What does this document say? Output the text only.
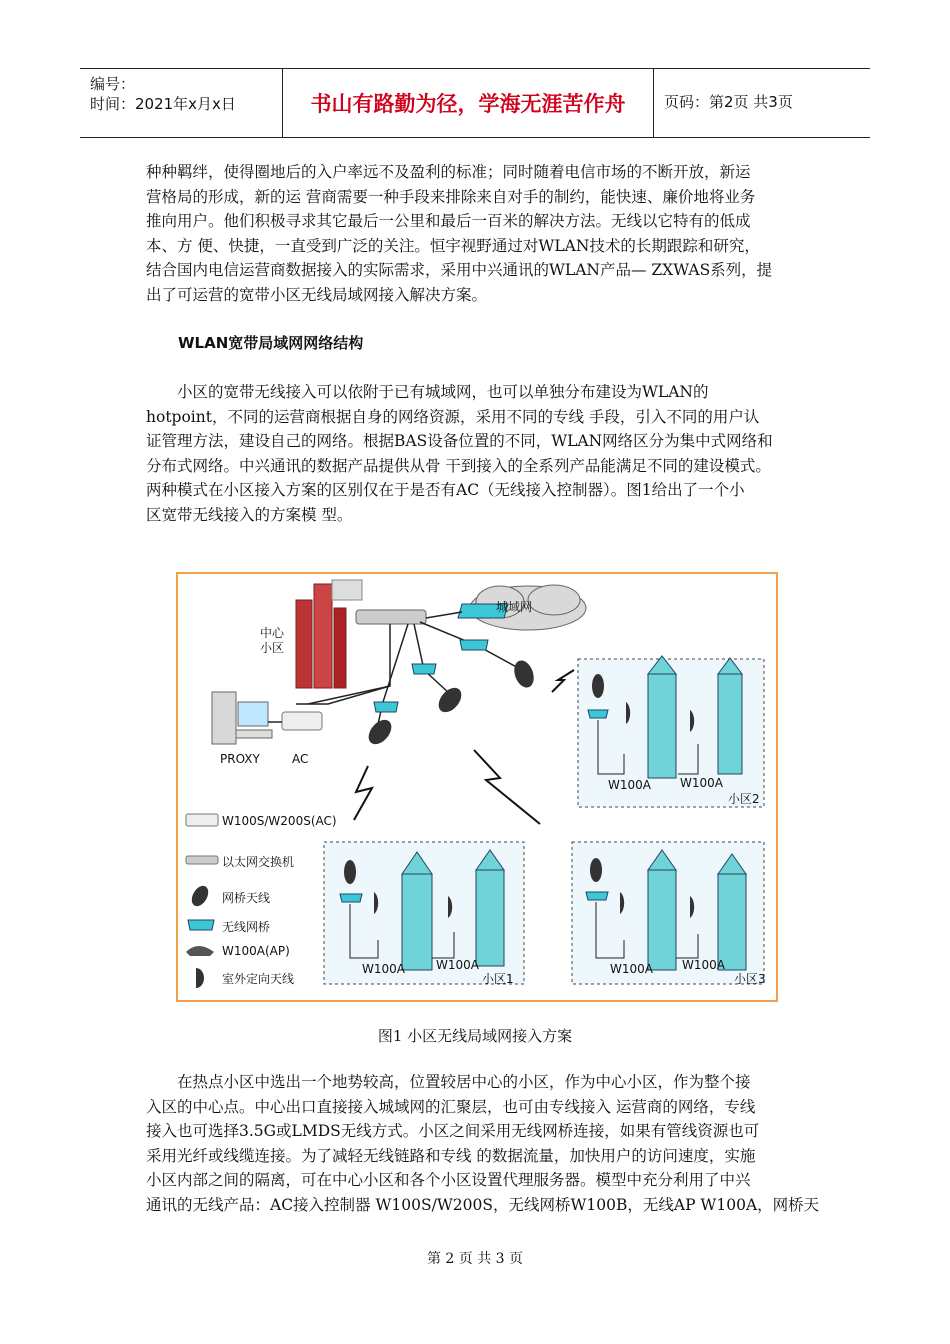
编号：
时间：2021年x月x日	书山有路勤为径，学海无涯苦作舟	页码：第2页 共3页

种种羁绊，使得圈地后的入户率远不及盈利的标准；同时随着电信市场的不断开放，新运

营格局的形成，新的运 营商需要一种手段来排除来自对手的制约，能快速、廉价地将业务

推向用户。他们积极寻求其它最后一公里和最后一百米的解决方法。无线以它特有的低成

本、方 便、快捷，一直受到广泛的关注。恒宇视野通过对WLAN技术的长期跟踪和研究，

结合国内电信运营商数据接入的实际需求，采用中兴通讯的WLAN产品— ZXWAS系列，提

出了可运营的宽带小区无线局域网接入解决方案。

WLAN宽带局域网网络结构

　　小区的宽带无线接入可以依附于已有城域网，也可以单独分布建设为WLAN的

hotpoint，不同的运营商根据自身的网络资源，采用不同的专线 手段，引入不同的用户认

证管理方法，建设自己的网络。根据BAS设备位置的不同，WLAN网络区分为集中式网络和

分布式网络。中兴通讯的数据产品提供从骨 干到接入的全系列产品能满足不同的建设模式。

两种模式在小区接入方案的区别仅在于是否有AC（无线接入控制器）。图1给出了一个小

区宽带无线接入的方案模 型。

城域网
中心
小区
PROXY	AC
W100A W100A
小区2
W100A	W100A
小区1
W100A W100A
小区3
W100S/W200S(AC)
以太网交换机
网桥天线
无线网桥
W100A(AP)
室外定向天线
图1 小区无线局域网接入方案

　　在热点小区中选出一个地势较高，位置较居中心的小区，作为中心小区，作为整个接

入区的中心点。中心出口直接接入城域网的汇聚层，也可由专线接入 运营商的网络，专线

接入也可选择3.5G或LMDS无线方式。小区之间采用无线网桥连接，如果有管线资源也可

采用光纤或线缆连接。为了减轻无线链路和专线 的数据流量，加快用户的访问速度，实施

小区内部之间的隔离，可在中心小区和各个小区设置代理服务器。模型中充分利用了中兴

通讯的无线产品：AC接入控制器 W100S/W200S，无线网桥W100B，无线AP W100A，网桥天

第 2 页 共 3 页
